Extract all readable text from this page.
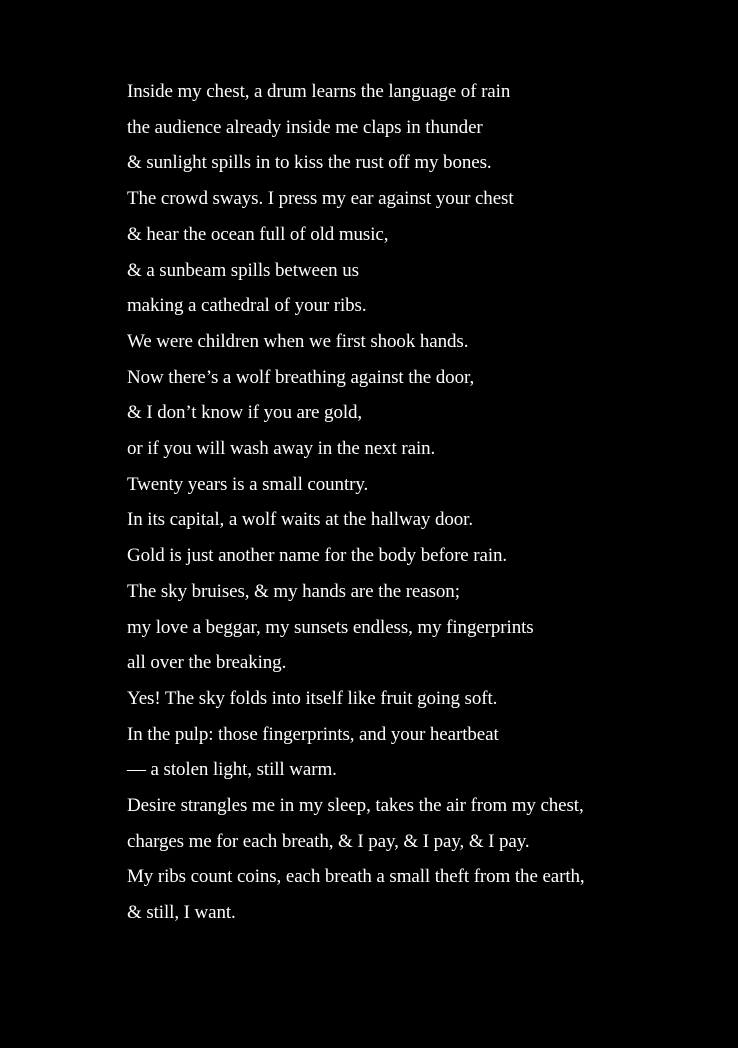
Inside my chest, a drum learns the language of rain
the audience already inside me claps in thunder
& sunlight spills in to kiss the rust off my bones.
The crowd sways. I press my ear against your chest
& hear the ocean full of old music,
& a sunbeam spills between us
making a cathedral of your ribs.
We were children when we first shook hands.
Now there’s a wolf breathing against the door,
& I don’t know if you are gold,
or if you will wash away in the next rain.
Twenty years is a small country.
In its capital, a wolf waits at the hallway door.
Gold is just another name for the body before rain.
The sky bruises, & my hands are the reason;
my love a beggar, my sunsets endless, my fingerprints
all over the breaking.
Yes! The sky folds into itself like fruit going soft.
In the pulp: those fingerprints, and your heartbeat
— a stolen light, still warm.
Desire strangles me in my sleep, takes the air from my chest,
charges me for each breath, & I pay, & I pay, & I pay.
My ribs count coins, each breath a small theft from the earth,
& still, I want.
